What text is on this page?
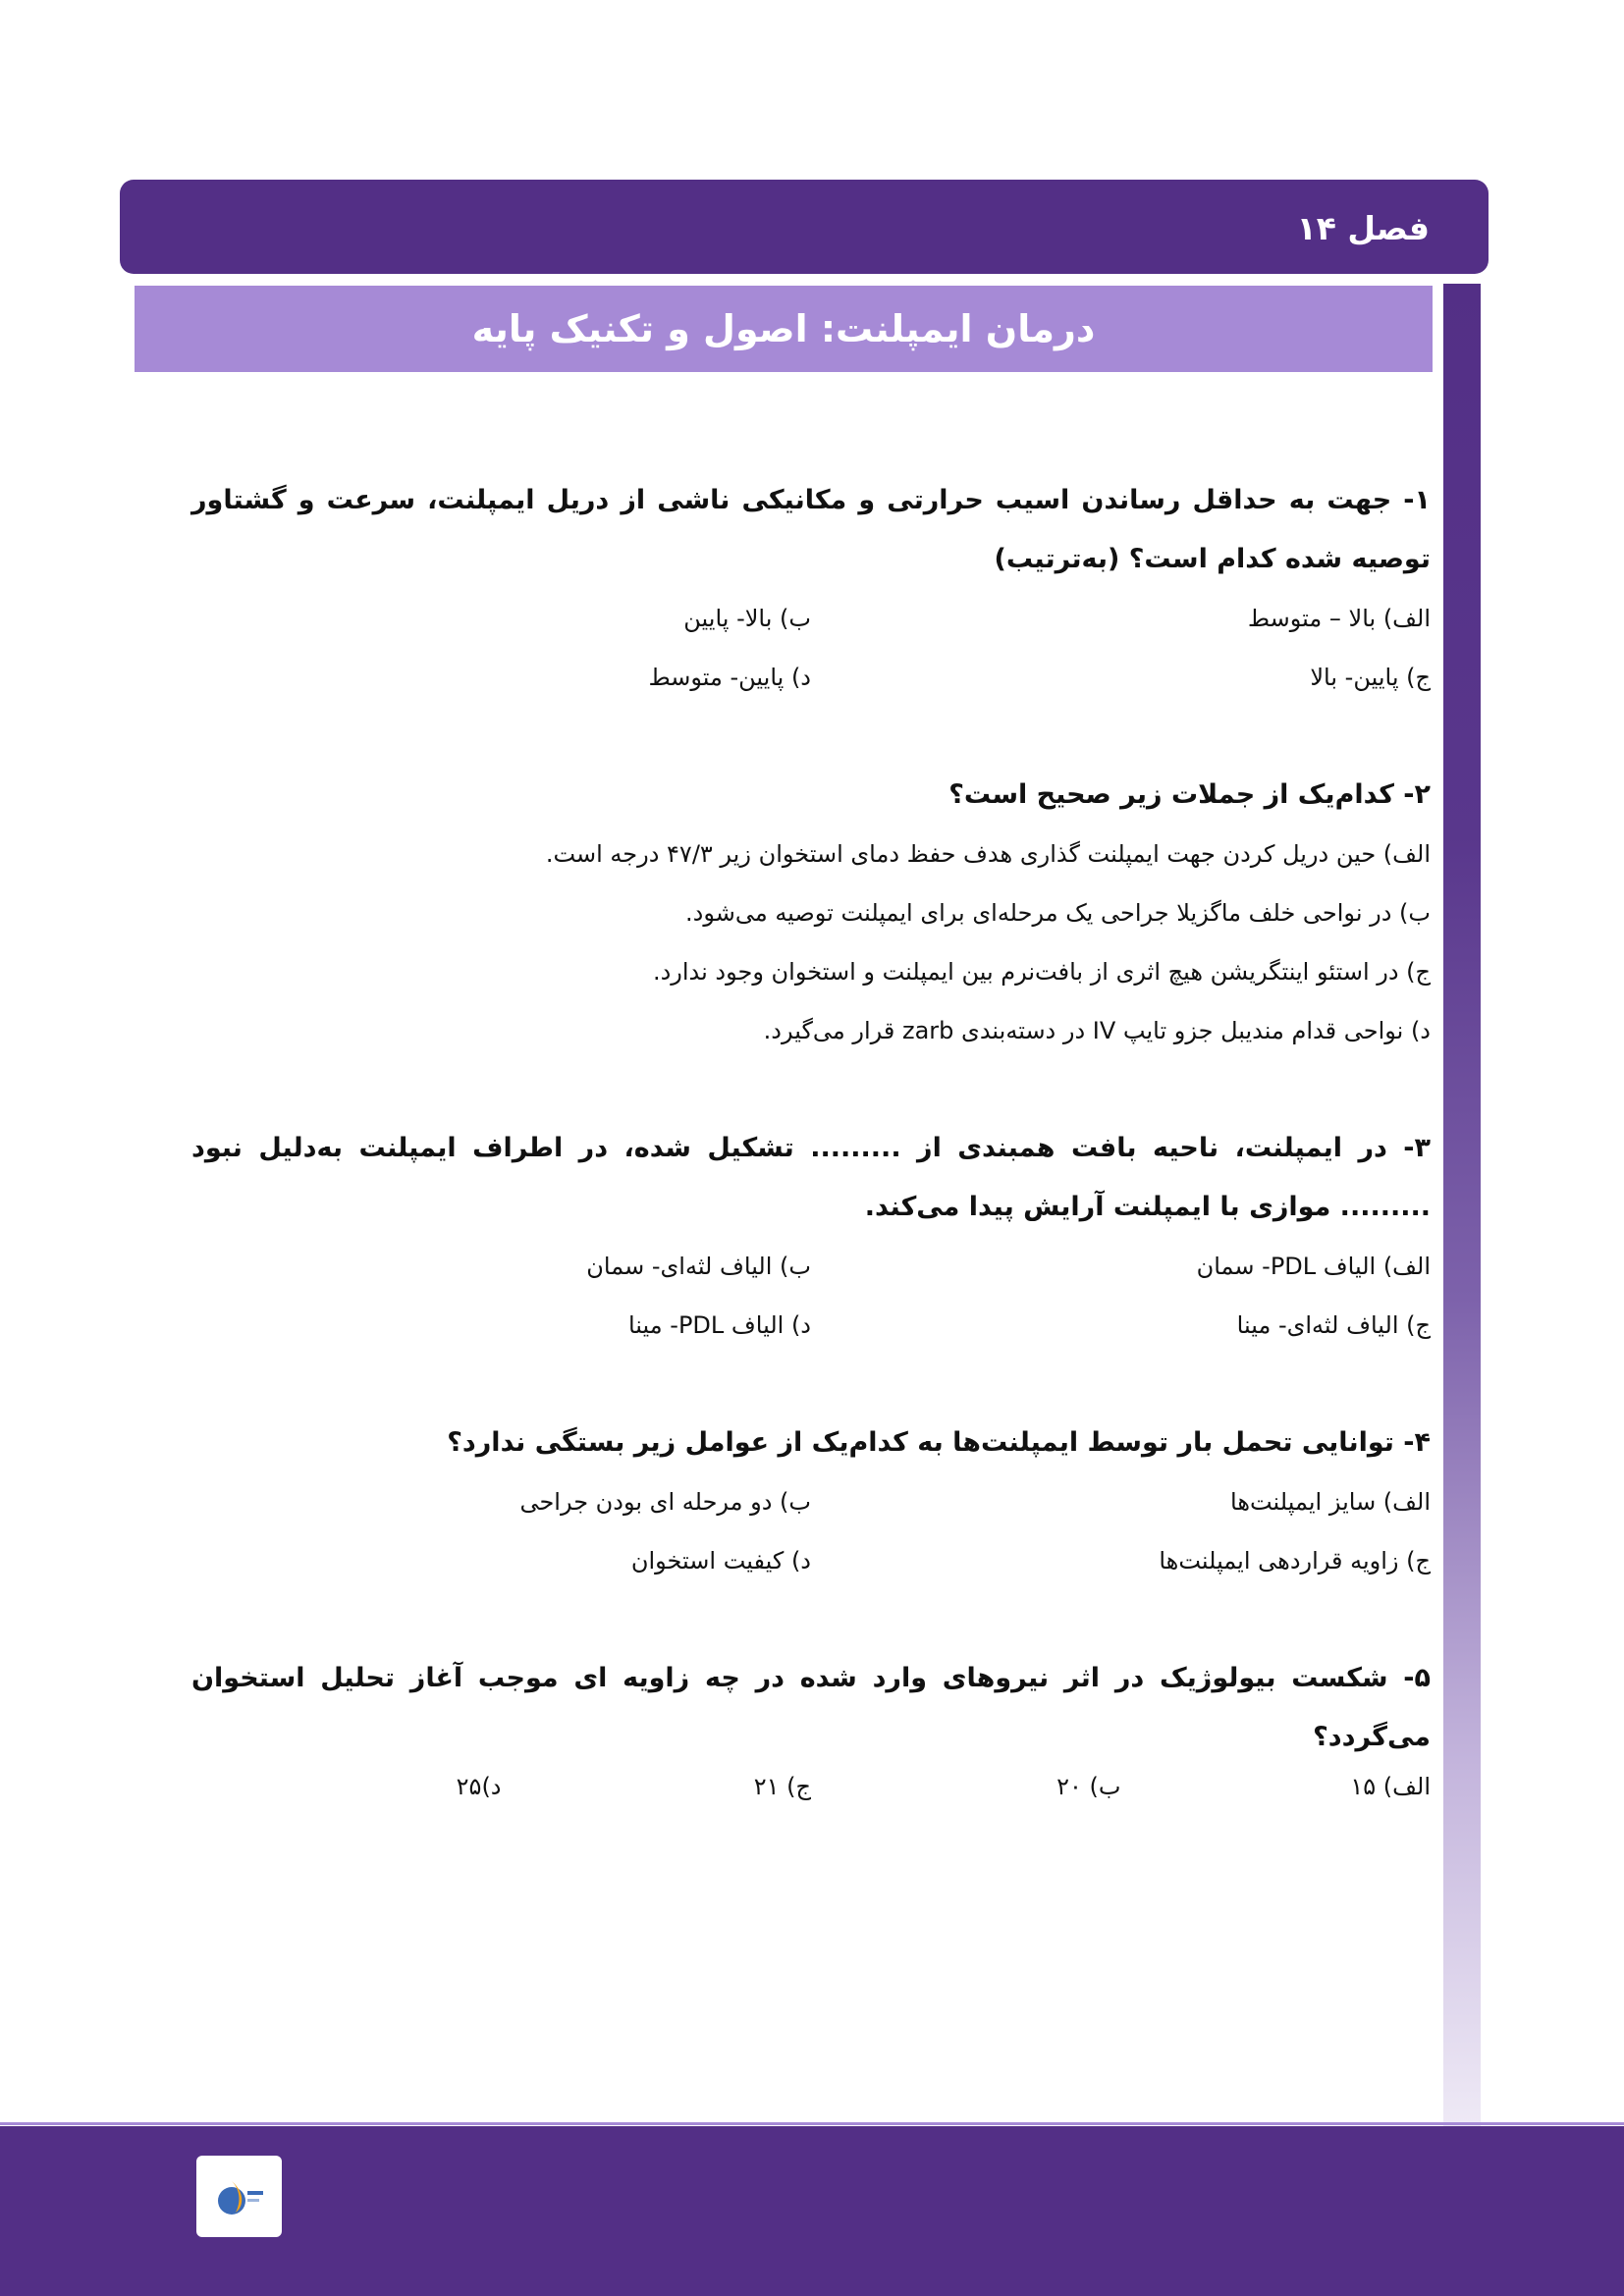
فصل ۱۴
درمان ایمپلنت: اصول و تکنیک پایه
۱- جهت به حداقل رساندن اسیب حرارتی و مکانیکی ناشی از دریل ایمپلنت، سرعت و گشتاور توصیه شده کدام است؟ (به‌ترتیب)
الف) بالا – متوسط
ب) بالا- پایین
ج) پایین- بالا
د) پایین- متوسط
۲- کدام‌یک از جملات زیر صحیح است؟
الف) حین دریل کردن جهت ایمپلنت گذاری هدف حفظ دمای استخوان زیر ۴۷/۳ درجه است.
ب) در نواحی خلف ماگزیلا جراحی یک مرحله‌ای برای ایمپلنت توصیه می‌شود.
ج) در استئو اینتگریشن هیچ اثری از بافت‌نرم بین ایمپلنت و استخوان وجود ندارد.
د) نواحی قدام مندیبل جزو تایپ IV در دسته‌بندی zarb قرار می‌گیرد.
۳- در ایمپلنت، ناحیه بافت همبندی از ......... تشکیل شده، در اطراف ایمپلنت به‌دلیل نبود ......... موازی با ایمپلنت آرایش پیدا می‌کند.
الف) الیاف PDL- سمان
ب) الیاف لثه‌ای- سمان
ج) الیاف لثه‌ای- مینا
د) الیاف PDL- مینا
۴- توانایی تحمل بار توسط ایمپلنت‌ها به کدام‌یک از عوامل زیر بستگی ندارد؟
الف) سایز ایمپلنت‌ها
ب) دو مرحله ای بودن جراحی
ج) زاویه قراردهی ایمپلنت‌ها
د) کیفیت استخوان
۵- شکست بیولوژیک در اثر نیروهای وارد شده در چه زاویه ای موجب آغاز تحلیل استخوان می‌گردد؟
الف) ۱۵
ب) ۲۰
ج) ۲۱
د)۲۵
